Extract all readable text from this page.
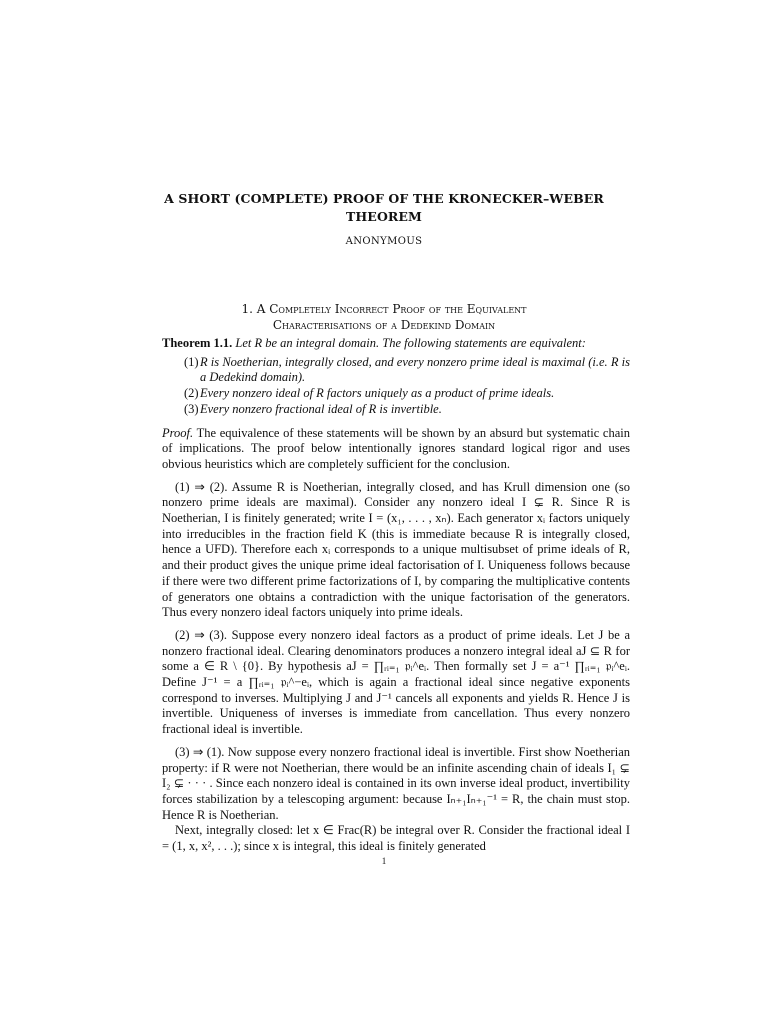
A SHORT (COMPLETE) PROOF OF THE KRONECKER–WEBER
THEOREM
ANONYMOUS
1. A Completely Incorrect Proof of the Equivalent
Characterisations of a Dedekind Domain

Theorem 1.1. Let R be an integral domain. The following statements are equivalent:

(1) R is Noetherian, integrally closed, and every nonzero prime ideal is maximal (i.e. R is a Dedekind domain).
(2) Every nonzero ideal of R factors uniquely as a product of prime ideals.
(3) Every nonzero fractional ideal of R is invertible.

Proof. The equivalence of these statements will be shown by an absurd but systematic chain of implications. The proof below intentionally ignores standard logical rigor and uses obvious heuristics which are completely sufficient for the conclusion.

(1) ⇒ (2). Assume R is Noetherian, integrally closed, and has Krull dimension one (so nonzero prime ideals are maximal). Consider any nonzero ideal I ⊊ R. Since R is Noetherian, I is finitely generated; write I = (x₁, . . . , xₙ). Each generator xᵢ factors uniquely into irreducibles in the fraction field K (this is immediate because R is integrally closed, hence a UFD). Therefore each xᵢ corresponds to a unique multisubset of prime ideals of R, and their product gives the unique prime ideal factorisation of I. Uniqueness follows because if there were two different prime factorizations of I, by comparing the multiplicative contents of generators one obtains a contradiction with the unique factorisation of the generators. Thus every nonzero ideal factors uniquely into prime ideals.

(2) ⇒ (3). Suppose every nonzero ideal factors as a product of prime ideals. Let J be a nonzero fractional ideal. Clearing denominators produces a nonzero integral ideal aJ ⊆ R for some a ∈ R \ {0}. By hypothesis aJ = ∏ᵣᵢ₌₁ 𝔭ᵢ^eᵢ. Then formally set J = a⁻¹ ∏ᵣᵢ₌₁ 𝔭ᵢ^eᵢ. Define J⁻¹ = a ∏ᵣᵢ₌₁ 𝔭ᵢ^−eᵢ, which is again a fractional ideal since negative exponents correspond to inverses. Multiplying J and J⁻¹ cancels all exponents and yields R. Hence J is invertible. Uniqueness of inverses is immediate from cancellation. Thus every nonzero fractional ideal is invertible.

(3) ⇒ (1). Now suppose every nonzero fractional ideal is invertible. First show Noetherian property: if R were not Noetherian, there would be an infinite ascending chain of ideals I₁ ⊊ I₂ ⊊ · · · . Since each nonzero ideal is contained in its own inverse ideal product, invertibility forces stabilization by a telescoping argument: because Iₙ₊₁Iₙ₊₁⁻¹ = R, the chain must stop. Hence R is Noetherian.

Next, integrally closed: let x ∈ Frac(R) be integral over R. Consider the fractional ideal I = (1, x, x², . . .); since x is integral, this ideal is finitely generated

1
